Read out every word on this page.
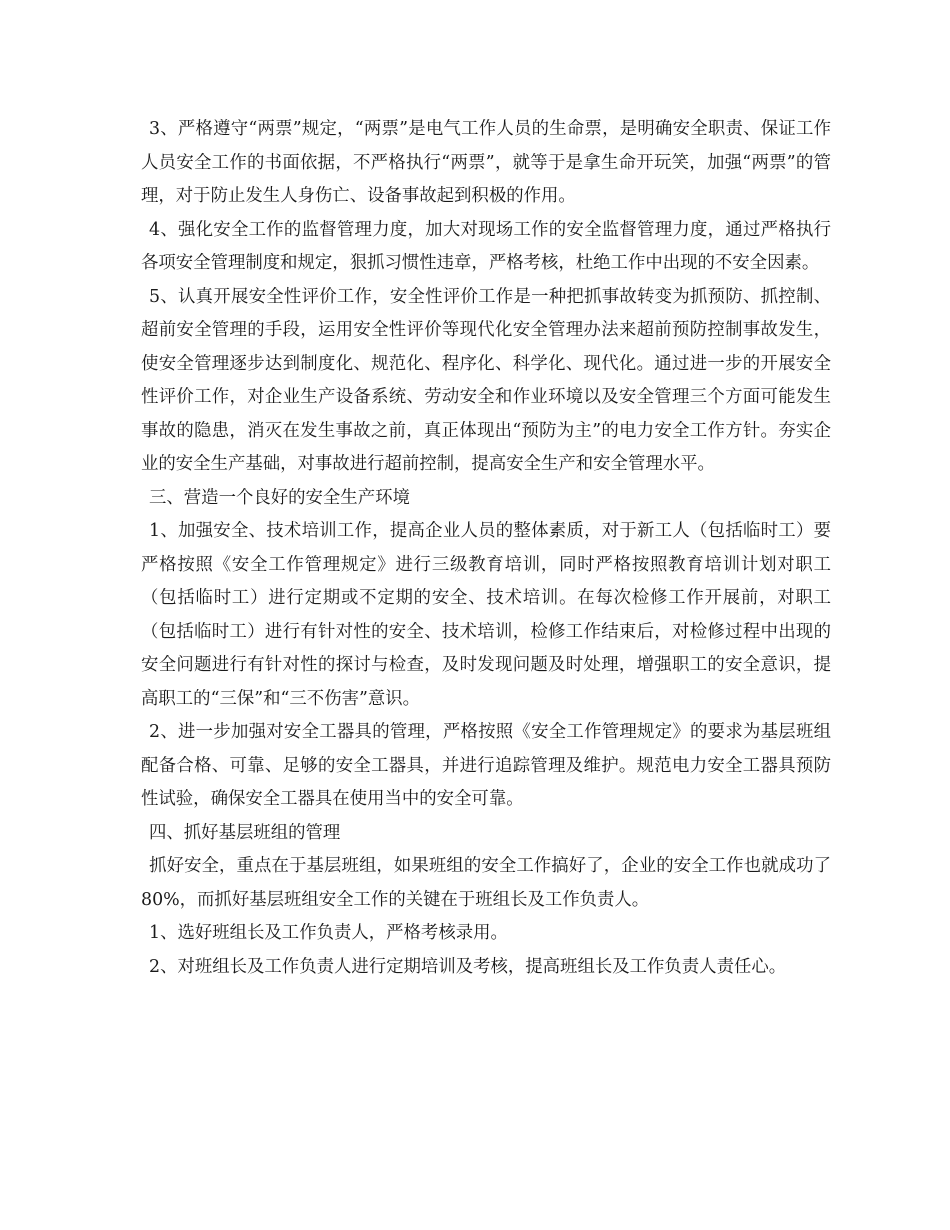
3、严格遵守“两票”规定，“两票”是电气工作人员的生命票，是明确安全职责、保证工作人员安全工作的书面依据，不严格执行“两票”，就等于是拿生命开玩笑，加强“两票”的管理，对于防止发生人身伤亡、设备事故起到积极的作用。

4、强化安全工作的监督管理力度，加大对现场工作的安全监督管理力度，通过严格执行各项安全管理制度和规定，狠抓习惯性违章，严格考核，杜绝工作中出现的不安全因素。

5、认真开展安全性评价工作，安全性评价工作是一种把抓事故转变为抓预防、抓控制、超前安全管理的手段，运用安全性评价等现代化安全管理办法来超前预防控制事故发生，使安全管理逐步达到制度化、规范化、程序化、科学化、现代化。通过进一步的开展安全性评价工作，对企业生产设备系统、劳动安全和作业环境以及安全管理三个方面可能发生事故的隐患，消灭在发生事故之前，真正体现出“预防为主”的电力安全工作方针。夯实企业的安全生产基础，对事故进行超前控制，提高安全生产和安全管理水平。

三、营造一个良好的安全生产环境

1、加强安全、技术培训工作，提高企业人员的整体素质，对于新工人（包括临时工）要严格按照《安全工作管理规定》进行三级教育培训，同时严格按照教育培训计划对职工（包括临时工）进行定期或不定期的安全、技术培训。在每次检修工作开展前，对职工（包括临时工）进行有针对性的安全、技术培训，检修工作结束后，对检修过程中出现的安全问题进行有针对性的探讨与检查，及时发现问题及时处理，增强职工的安全意识，提高职工的“三保”和“三不伤害”意识。

2、进一步加强对安全工器具的管理，严格按照《安全工作管理规定》的要求为基层班组配备合格、可靠、足够的安全工器具，并进行追踪管理及维护。规范电力安全工器具预防性试验，确保安全工器具在使用当中的安全可靠。

四、抓好基层班组的管理

抓好安全，重点在于基层班组，如果班组的安全工作搞好了，企业的安全工作也就成功了80%，而抓好基层班组安全工作的关键在于班组长及工作负责人。

1、选好班组长及工作负责人，严格考核录用。

2、对班组长及工作负责人进行定期培训及考核，提高班组长及工作负责人责任心。
